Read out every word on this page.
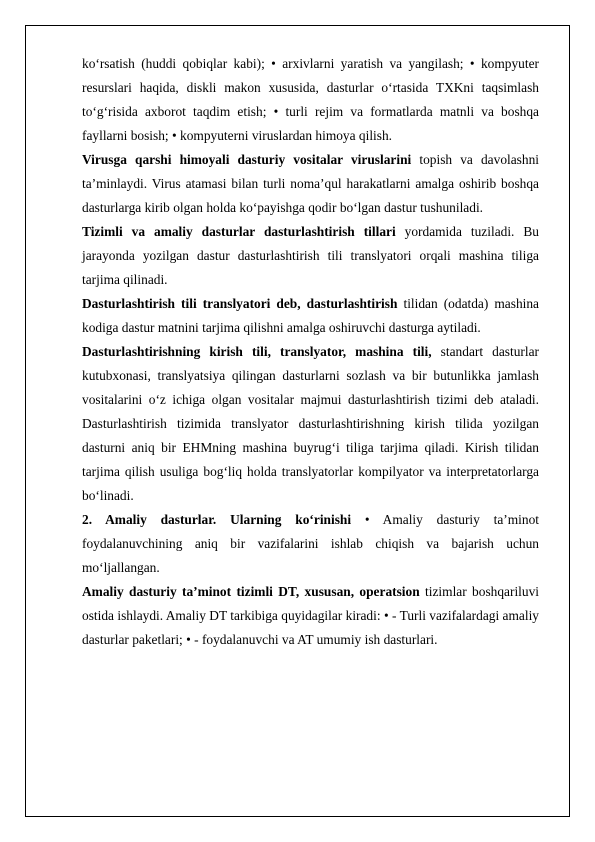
ko‘rsatish (huddi qobiqlar kabi); • arxivlarni yaratish va yangilash; • kompyuter resurslari haqida, diskli makon xususida, dasturlar o‘rtasida TXKni taqsimlash to‘g‘risida axborot taqdim etish; • turli rejim va formatlarda matnli va boshqa fayllarni bosish; • kompyuterni viruslardan himoya qilish.

Virusga qarshi himoyali dasturiy vositalar viruslarini topish va davolashni ta’minlaydi. Virus atamasi bilan turli noma’qul harakatlarni amalga oshirib boshqa dasturlarga kirib olgan holda ko‘payishga qodir bo‘lgan dastur tushuniladi.

Tizimli va amaliy dasturlar dasturlashtirish tillari yordamida tuziladi. Bu jarayonda yozilgan dastur dasturlashtirish tili translyatori orqali mashina tiliga tarjima qilinadi.

Dasturlashtirish tili translyatori deb, dasturlashtirish tilidan (odatda) mashina kodiga dastur matnini tarjima qilishni amalga oshiruvchi dasturga aytiladi.

Dasturlashtirishning kirish tili, translyator, mashina tili, standart dasturlar kutubxonasi, translyatsiya qilingan dasturlarni sozlash va bir butunlikka jamlash vositalarini o‘z ichiga olgan vositalar majmui dasturlashtirish tizimi deb ataladi. Dasturlashtirish tizimida translyator dasturlashtirishning kirish tilida yozilgan dasturni aniq bir EHMning mashina buyrug‘i tiliga tarjima qiladi. Kirish tilidan tarjima qilish usuliga bog‘liq holda translyatorlar kompilyator va interpretatorlarga bo‘linadi.

2. Amaliy dasturlar. Ularning ko‘rinishi • Amaliy dasturiy ta’minot foydalanuvchining aniq bir vazifalarini ishlab chiqish va bajarish uchun mo‘ljallangan.

Amaliy dasturiy ta’minot tizimli DT, xususan, operatsion tizimlar boshqariluvi ostida ishlaydi. Amaliy DT tarkibiga quyidagilar kiradi: • - Turli vazifalardagi amaliy dasturlar paketlari; • - foydalanuvchi va AT umumiy ish dasturlari.
